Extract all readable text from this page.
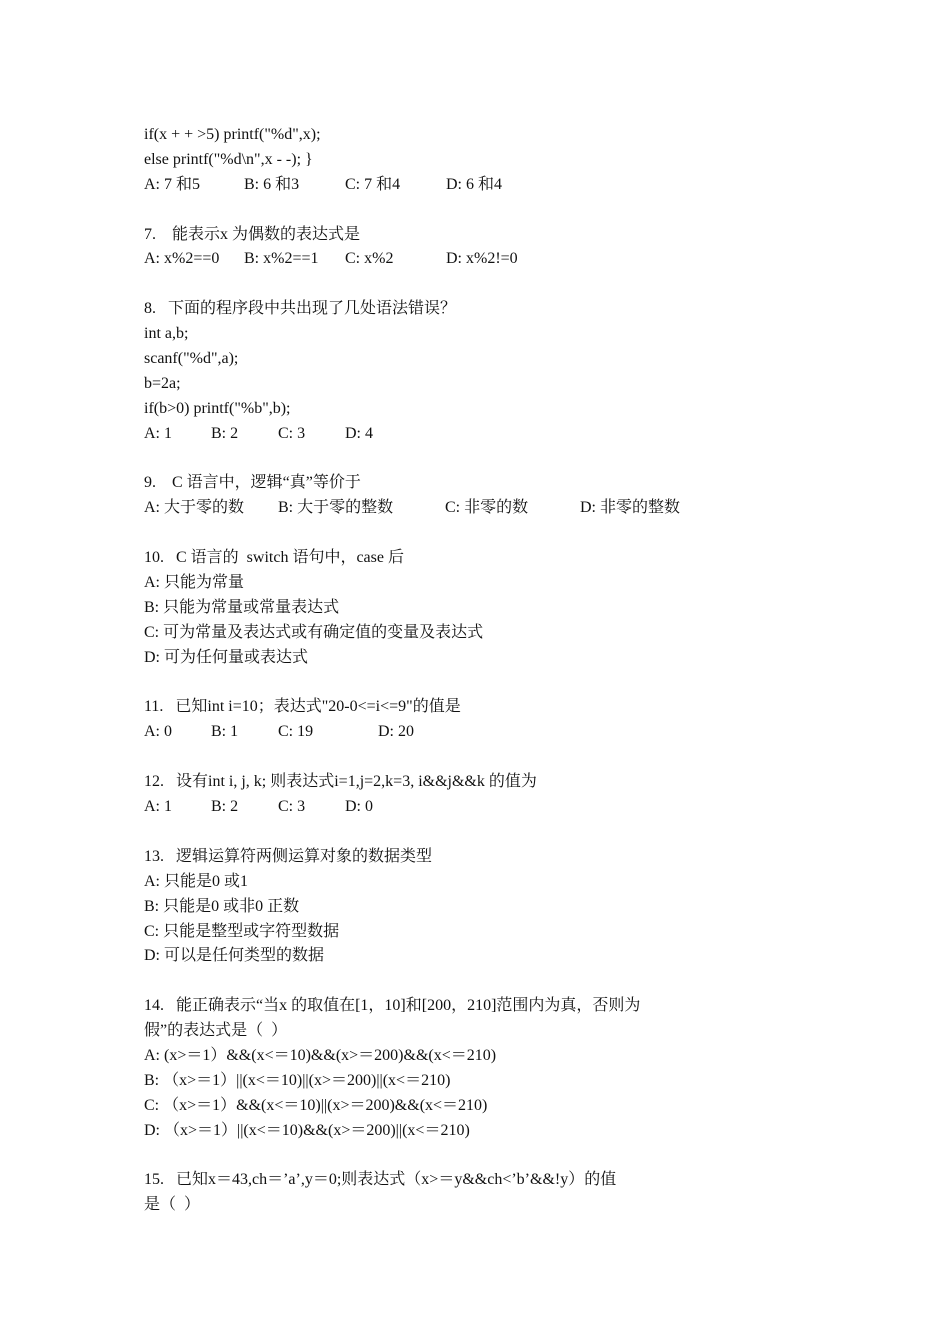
if(x + + >5) printf("%d",x);
else printf("%d\n",x - -); }
A: 7 和5	B: 6 和3	C: 7 和4	D: 6 和4
7.    能表示x 为偶数的表达式是
A: x%2==0	B: x%2==1	C: x%2	D: x%2!=0
8.   下面的程序段中共出现了几处语法错误？
int a,b;
scanf("%d",a);
b=2a;
if(b>0) printf("%b",b);
A: 1	B: 2	C: 3	D: 4
9.    C 语言中，逻辑“真”等价于
A: 大于零的数	B: 大于零的整数	C: 非零的数	D: 非零的整数
10.   C 语言的  switch 语句中，case 后
A: 只能为常量
B: 只能为常量或常量表达式
C: 可为常量及表达式或有确定值的变量及表达式
D: 可为任何量或表达式
11.   已知int i=10；表达式"20-0<=i<=9"的值是
A: 0	B: 1	C: 19	D: 20
12.   设有int i, j, k; 则表达式i=1,j=2,k=3, i&&j&&k 的值为
A: 1	B: 2	C: 3	D: 0
13.   逻辑运算符两侧运算对象的数据类型
A: 只能是0 或1
B: 只能是0 或非0 正数
C: 只能是整型或字符型数据
D: 可以是任何类型的数据
14.   能正确表示“当x 的取值在[1，10]和[200，210]范围内为真，否则为
假”的表达式是（  ）
A: (x>＝1）&&(x<＝10)&&(x>＝200)&&(x<＝210)
B: （x>＝1）||(x<＝10)||(x>＝200)||(x<＝210)
C: （x>＝1）&&(x<＝10)||(x>＝200)&&(x<＝210)
D: （x>＝1）||(x<＝10)&&(x>＝200)||(x<＝210)
15.   已知x＝43,ch＝’a’,y＝0;则表达式（x>＝y&&ch<’b’&&!y）的值
是（  ）
